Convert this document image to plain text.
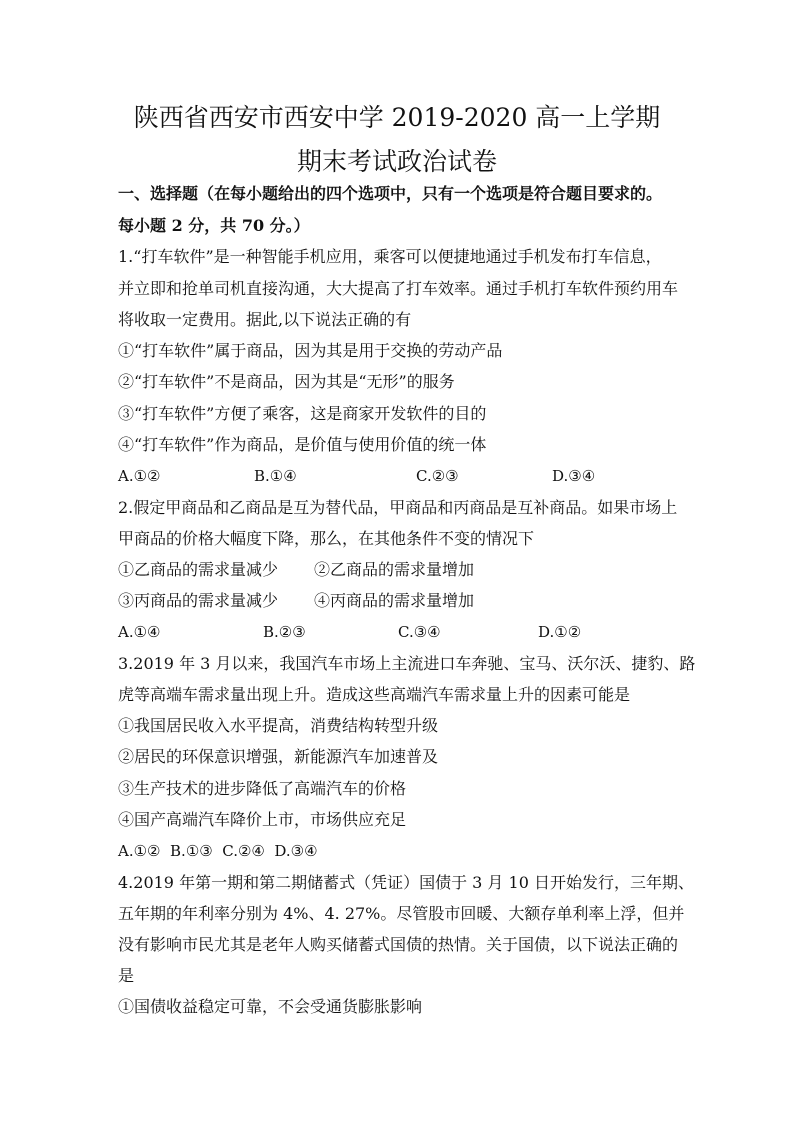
陕西省西安市西安中学 2019-2020 高一上学期
期末考试政治试卷
一、选择题（在每小题给出的四个选项中，只有一个选项是符合题目要求的。
每小题 2 分，共 70 分。）
1.“打车软件”是一种智能手机应用，乘客可以便捷地通过手机发布打车信息，
并立即和抢单司机直接沟通，大大提高了打车效率。通过手机打车软件预约用车
将收取一定费用。据此,以下说法正确的有
①“打车软件”属于商品，因为其是用于交换的劳动产品
②“打车软件”不是商品，因为其是“无形”的服务
③“打车软件”方便了乘客，这是商家开发软件的目的
④“打车软件”作为商品，是价值与使用价值的统一体
A.①②	B.①④	C.②③	D.③④
2.假定甲商品和乙商品是互为替代品，甲商品和丙商品是互补商品。如果市场上
甲商品的价格大幅度下降，那么，在其他条件不变的情况下
①乙商品的需求量减少 ②乙商品的需求量增加
③丙商品的需求量减少 ④丙商品的需求量增加
A.①④	B.②③	C.③④	D.①②
3.2019 年 3 月以来，我国汽车市场上主流进口车奔驰、宝马、沃尔沃、捷豹、路
虎等高端车需求量出现上升。造成这些高端汽车需求量上升的因素可能是
①我国居民收入水平提高，消费结构转型升级
②居民的环保意识增强，新能源汽车加速普及
③生产技术的进步降低了高端汽车的价格
④国产高端汽车降价上市，市场供应充足
A.①②  B.①③  C.②④  D.③④
4.2019 年第一期和第二期储蓄式（凭证）国债于 3 月 10 日开始发行，三年期、
五年期的年利率分别为 4%、4. 27%。尽管股市回暖、大额存单利率上浮，但并
没有影响市民尤其是老年人购买储蓄式国债的热情。关于国债，以下说法正确的
是
①国债收益稳定可靠，不会受通货膨胀影响
